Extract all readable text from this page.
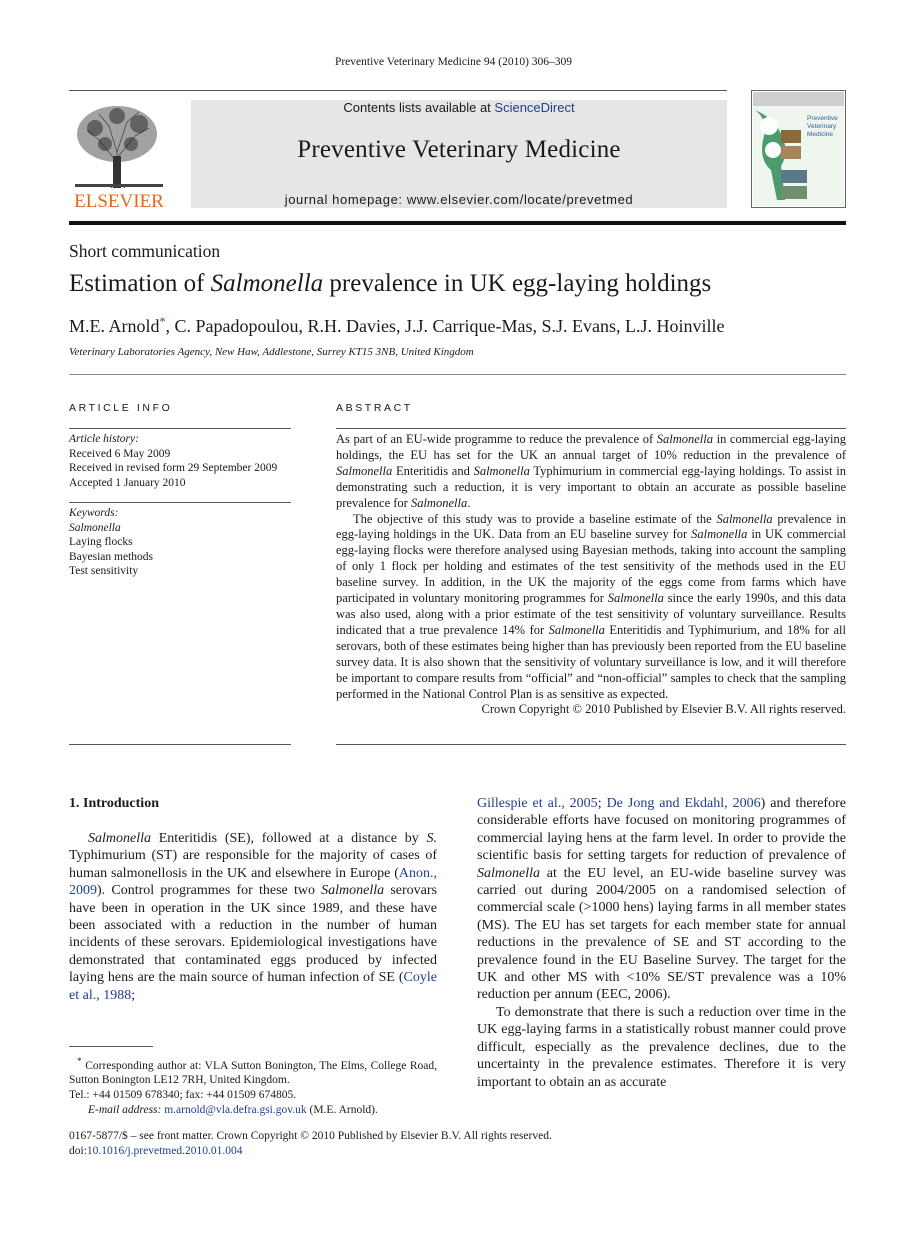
Preventive Veterinary Medicine 94 (2010) 306–309
ELSEVIER
Contents lists available at ScienceDirect
Preventive Veterinary Medicine
journal homepage: www.elsevier.com/locate/prevetmed
Preventive
Veterinary
Medicine
Short communication
Estimation of Salmonella prevalence in UK egg-laying holdings
M.E. Arnold*, C. Papadopoulou, R.H. Davies, J.J. Carrique-Mas, S.J. Evans, L.J. Hoinville
Veterinary Laboratories Agency, New Haw, Addlestone, Surrey KT15 3NB, United Kingdom
ARTICLE INFO	ABSTRACT
Article history:
Received 6 May 2009
Received in revised form 29 September 2009
Accepted 1 January 2010
Keywords:
Salmonella
Laying flocks
Bayesian methods
Test sensitivity

As part of an EU-wide programme to reduce the prevalence of Salmonella in commercial egg-laying holdings, the EU has set for the UK an annual target of 10% reduction in the prevalence of Salmonella Enteritidis and Salmonella Typhimurium in commercial egg-laying holdings. To assist in demonstrating such a reduction, it is very important to obtain an accurate as possible baseline prevalence for Salmonella.

The objective of this study was to provide a baseline estimate of the Salmonella prevalence in egg-laying holdings in the UK. Data from an EU baseline survey for Salmonella in UK commercial egg-laying flocks were therefore analysed using Bayesian methods, taking into account the sampling of only 1 flock per holding and estimates of the test sensitivity of the methods used in the EU baseline survey. In addition, in the UK the majority of the eggs come from farms which have participated in voluntary monitoring programmes for Salmonella since the early 1990s, and this data was also used, along with a prior estimate of the test sensitivity of voluntary surveillance. Results indicated that a true prevalence 14% for Salmonella Enteritidis and Typhimurium, and 18% for all serovars, both of these estimates being higher than has previously been reported from the EU baseline survey data. It is also shown that the sensitivity of voluntary surveillance is low, and it will therefore be important to compare results from “official” and “non-official” samples to check that the sampling performed in the National Control Plan is as sensitive as expected.

Crown Copyright © 2010 Published by Elsevier B.V. All rights reserved.

1. Introduction

Salmonella Enteritidis (SE), followed at a distance by S. Typhimurium (ST) are responsible for the majority of cases of human salmonellosis in the UK and elsewhere in Europe (Anon., 2009). Control programmes for these two Salmonella serovars have been in operation in the UK since 1989, and these have been associated with a reduction in the number of human incidents of these serovars. Epidemiological investigations have demonstrated that contaminated eggs produced by infected laying hens are the main source of human infection of SE (Coyle et al., 1988;

Gillespie et al., 2005; De Jong and Ekdahl, 2006) and therefore considerable efforts have focused on monitoring programmes of commercial laying hens at the farm level. In order to provide the scientific basis for setting targets for reduction of prevalence of Salmonella at the EU level, an EU-wide baseline survey was carried out during 2004/2005 on a randomised selection of commercial scale (>1000 hens) laying farms in all member states (MS). The EU has set targets for each member state for annual reductions in the prevalence of SE and ST according to the prevalence found in the EU Baseline Survey. The target for the UK and other MS with <10% SE/ST prevalence was a 10% reduction per annum (EEC, 2006).

To demonstrate that there is such a reduction over time in the UK egg-laying farms in a statistically robust manner could prove difficult, especially as the prevalence declines, due to the uncertainty in the prevalence estimates. Therefore it is very important to obtain an as accurate

* Corresponding author at: VLA Sutton Bonington, The Elms, College Road, Sutton Bonington LE12 7RH, United Kingdom.

Tel.: +44 01509 678340; fax: +44 01509 674805.

E-mail address: m.arnold@vla.defra.gsi.gov.uk (M.E. Arnold).

0167-5877/$ – see front matter. Crown Copyright © 2010 Published by Elsevier B.V. All rights reserved.

doi:10.1016/j.prevetmed.2010.01.004
